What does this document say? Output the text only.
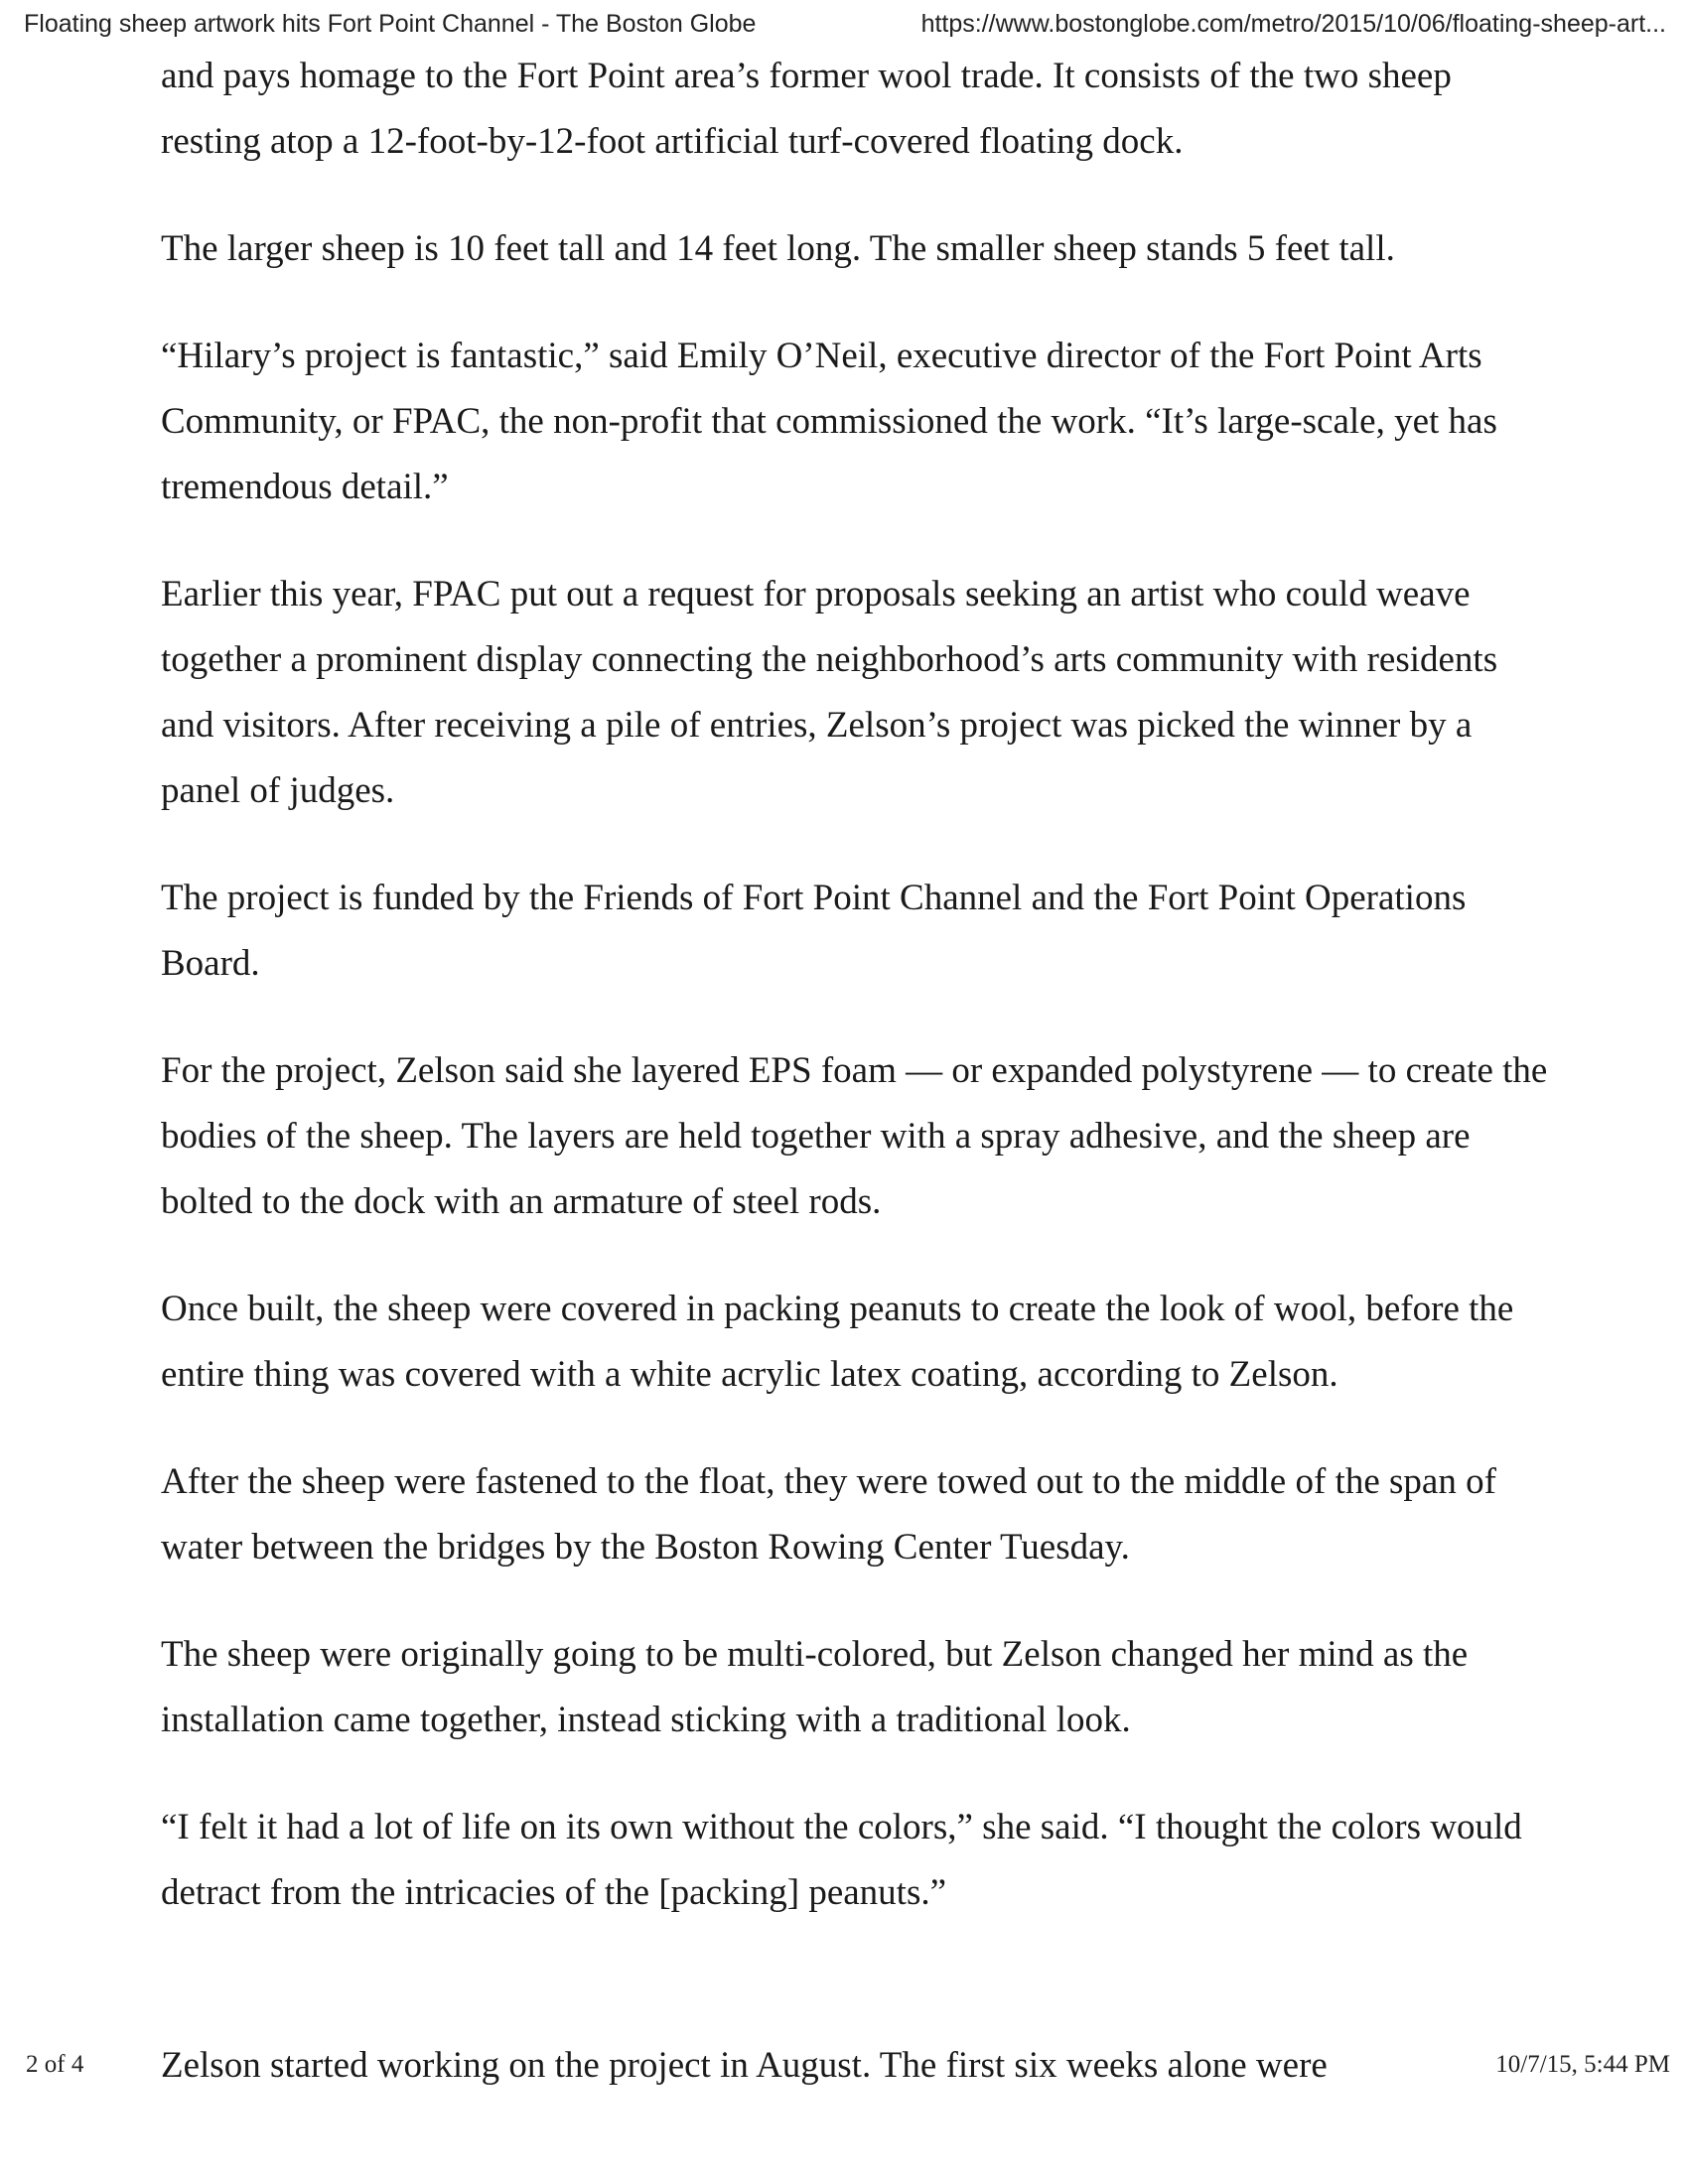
Floating sheep artwork hits Fort Point Channel - The Boston Globe	https://www.bostonglobe.com/metro/2015/10/06/floating-sheep-art...

and pays homage to the Fort Point area’s former wool trade. It consists of the two sheep resting atop a 12-foot-by-12-foot artificial turf-covered floating dock.

The larger sheep is 10 feet tall and 14 feet long. The smaller sheep stands 5 feet tall.

“Hilary’s project is fantastic,” said Emily O’Neil, executive director of the Fort Point Arts Community, or FPAC, the non-profit that commissioned the work. “It’s large-scale, yet has tremendous detail.”

Earlier this year, FPAC put out a request for proposals seeking an artist who could weave together a prominent display connecting the neighborhood’s arts community with residents and visitors. After receiving a pile of entries, Zelson’s project was picked the winner by a panel of judges.

The project is funded by the Friends of Fort Point Channel and the Fort Point Operations Board.

For the project, Zelson said she layered EPS foam — or expanded polystyrene — to create the bodies of the sheep. The layers are held together with a spray adhesive, and the sheep are bolted to the dock with an armature of steel rods.

Once built, the sheep were covered in packing peanuts to create the look of wool, before the entire thing was covered with a white acrylic latex coating, according to Zelson.

After the sheep were fastened to the float, they were towed out to the middle of the span of water between the bridges by the Boston Rowing Center Tuesday.

The sheep were originally going to be multi-colored, but Zelson changed her mind as the installation came together, instead sticking with a traditional look.

“I felt it had a lot of life on its own without the colors,” she said. “I thought the colors would detract from the intricacies of the [packing] peanuts.”

2 of 4 Zelson started working on the project in August. The first six weeks alone were	10/7/15, 5:44 PM
